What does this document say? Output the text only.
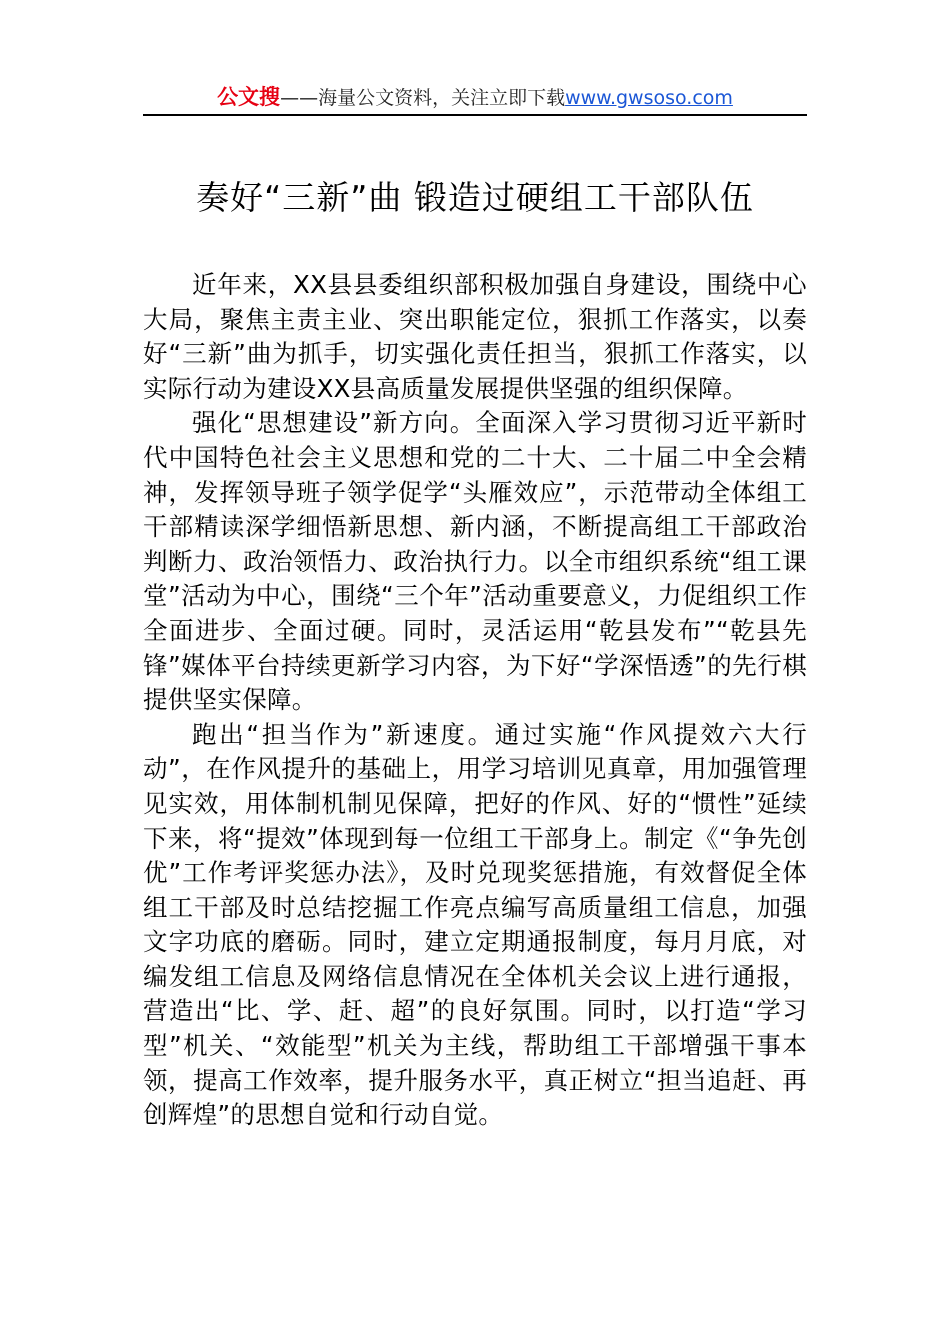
公文搜——海量公文资料，关注立即下载www.gwsoso.com
奏好“三新”曲 锻造过硬组工干部队伍

近年来，XX县县委组织部积极加强自身建设，围绕中心大局，聚焦主责主业、突出职能定位，狠抓工作落实，以奏好“三新”曲为抓手，切实强化责任担当，狠抓工作落实，以实际行动为建设XX县高质量发展提供坚强的组织保障。

强化“思想建设”新方向。全面深入学习贯彻习近平新时代中国特色社会主义思想和党的二十大、二十届二中全会精神，发挥领导班子领学促学“头雁效应”，示范带动全体组工干部精读深学细悟新思想、新内涵，不断提高组工干部政治判断力、政治领悟力、政治执行力。以全市组织系统“组工课堂”活动为中心，围绕“三个年”活动重要意义，力促组织工作全面进步、全面过硬。同时，灵活运用“乾县发布”“乾县先锋”媒体平台持续更新学习内容，为下好“学深悟透”的先行棋提供坚实保障。

跑出“担当作为”新速度。通过实施“作风提效六大行动”，在作风提升的基础上，用学习培训见真章，用加强管理见实效，用体制机制见保障，把好的作风、好的“惯性”延续下来，将“提效”体现到每一位组工干部身上。制定《“争先创优”工作考评奖惩办法》，及时兑现奖惩措施，有效督促全体组工干部及时总结挖掘工作亮点编写高质量组工信息，加强文字功底的磨砺。同时，建立定期通报制度，每月月底，对编发组工信息及网络信息情况在全体机关会议上进行通报，营造出“比、学、赶、超”的良好氛围。同时，以打造“学习型”机关、“效能型”机关为主线，帮助组工干部增强干事本领，提高工作效率，提升服务水平，真正树立“担当追赶、再创辉煌”的思想自觉和行动自觉。
